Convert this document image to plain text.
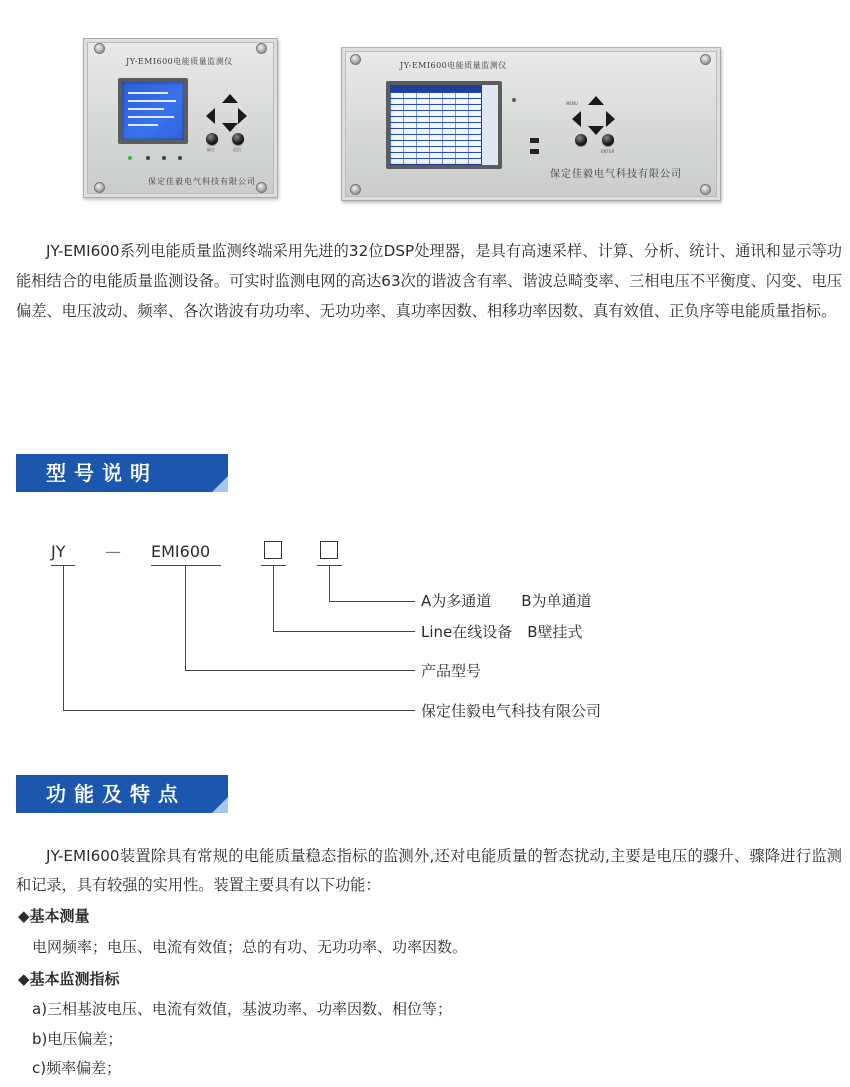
JY-EMI600电能质量监测仪
确定	返回
保定佳毅电气科技有限公司
JY-EMI600电能质量监测仪
MENU
ENTER
保定佳毅电气科技有限公司

JY-EMI600系列电能质量监测终端采用先进的32位DSP处理器，是具有高速采样、计算、分析、统计、通讯和显示等功能相结合的电能质量监测设备。可实时监测电网的高达63次的谐波含有率、谐波总畸变率、三相电压不平衡度、闪变、电压偏差、电压波动、频率、各次谐波有功功率、无功功率、真功率因数、相移功率因数、真有效值、正负序等电能质量指标。

型号说明
JY — EMI600
A为多通道　　B为单通道
Line在线设备　B壁挂式
产品型号
保定佳毅电气科技有限公司
功能及特点

JY-EMI600装置除具有常规的电能质量稳态指标的监测外,还对电能质量的暂态扰动,主要是电压的骤升、骤降进行监测和记录，具有较强的实用性。装置主要具有以下功能：

◆基本测量
电网频率；电压、电流有效值；总的有功、无功功率、功率因数。
◆基本监测指标
a)三相基波电压、电流有效值，基波功率、功率因数、相位等；
b)电压偏差；
c)频率偏差；
